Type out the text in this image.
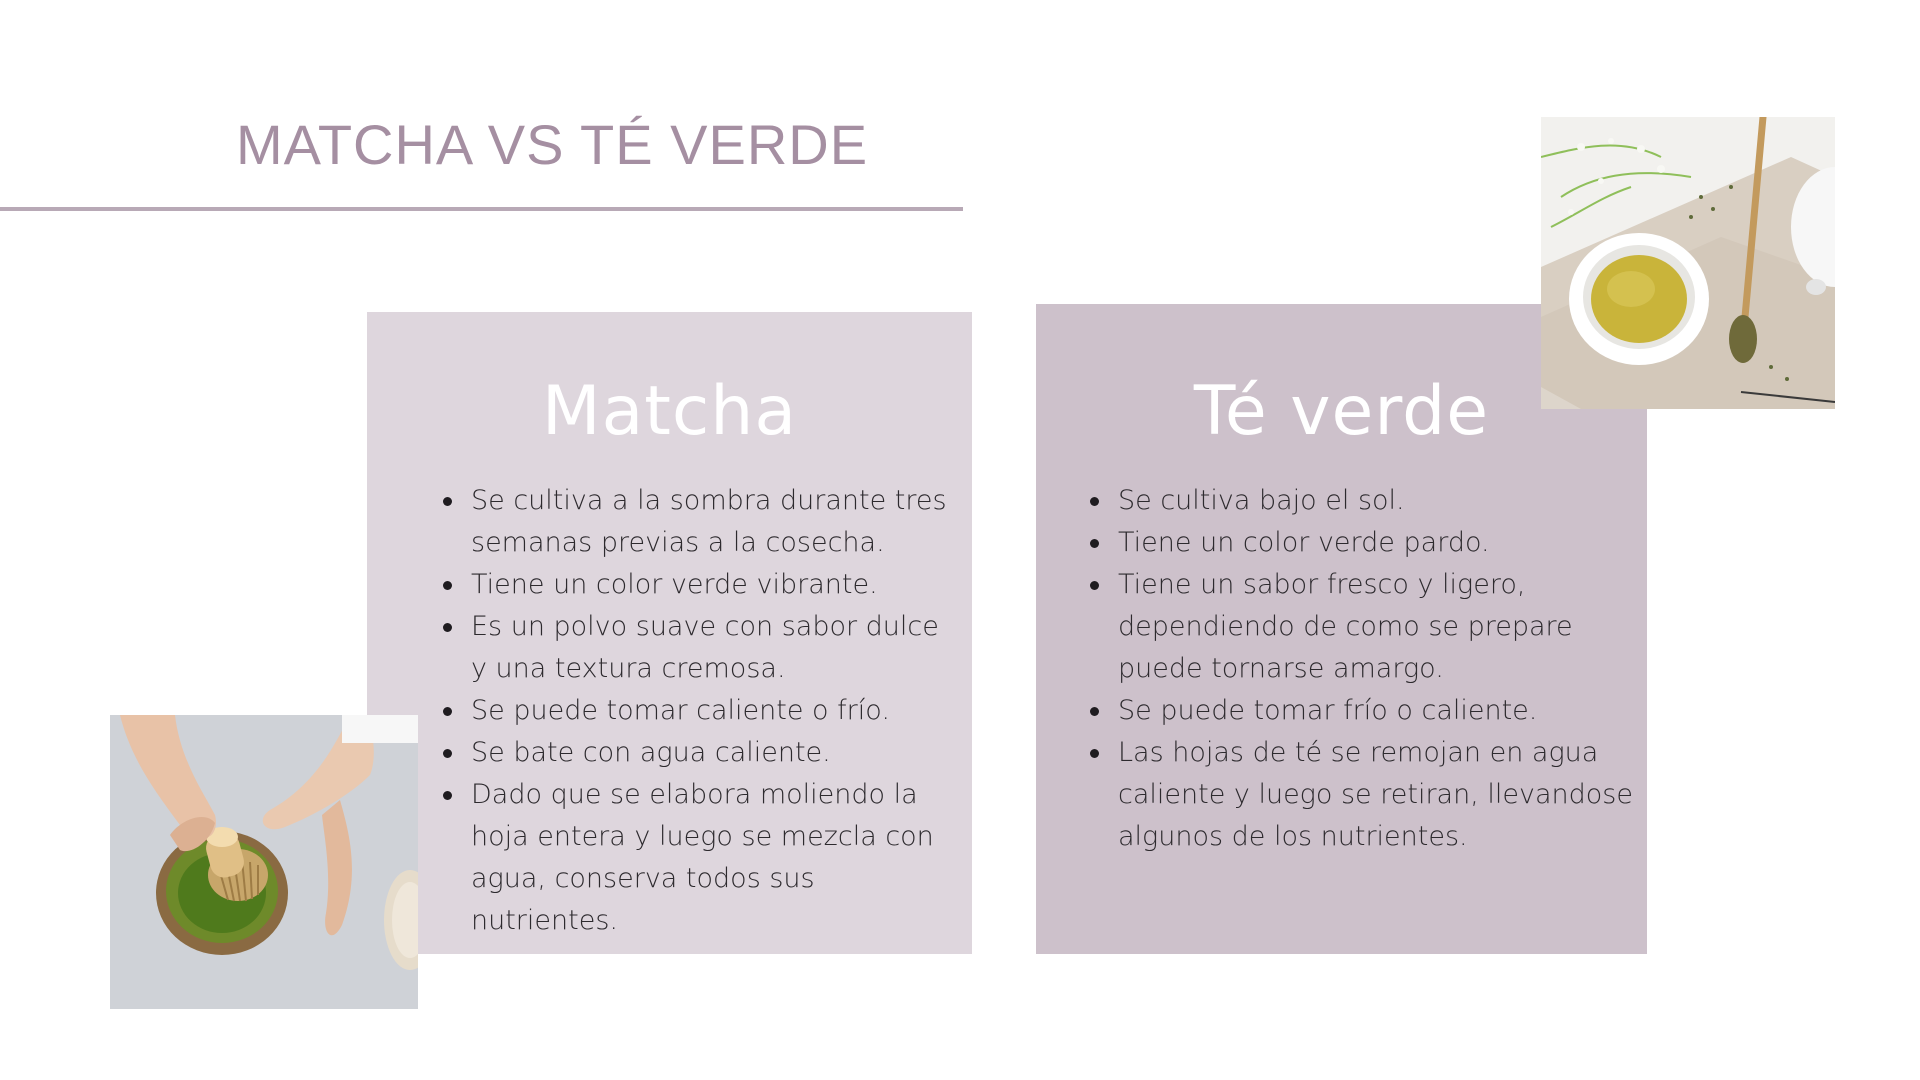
MATCHA VS TÉ VERDE
Matcha
Se cultiva a la sombra durante tres semanas previas a la cosecha.
Tiene un color verde vibrante.
Es un polvo suave con sabor dulce y una textura cremosa.
Se puede tomar caliente o frío.
Se bate con agua caliente.
Dado que se elabora moliendo la hoja entera y luego se mezcla con agua, conserva todos sus nutrientes.
Té verde
Se cultiva bajo el sol.
Tiene un color verde pardo.
Tiene un sabor fresco y ligero, dependiendo de como se prepare puede tornarse amargo.
Se puede tomar frío o caliente.
Las hojas de té se remojan en agua caliente y luego se retiran, llevandose algunos de los nutrientes.
